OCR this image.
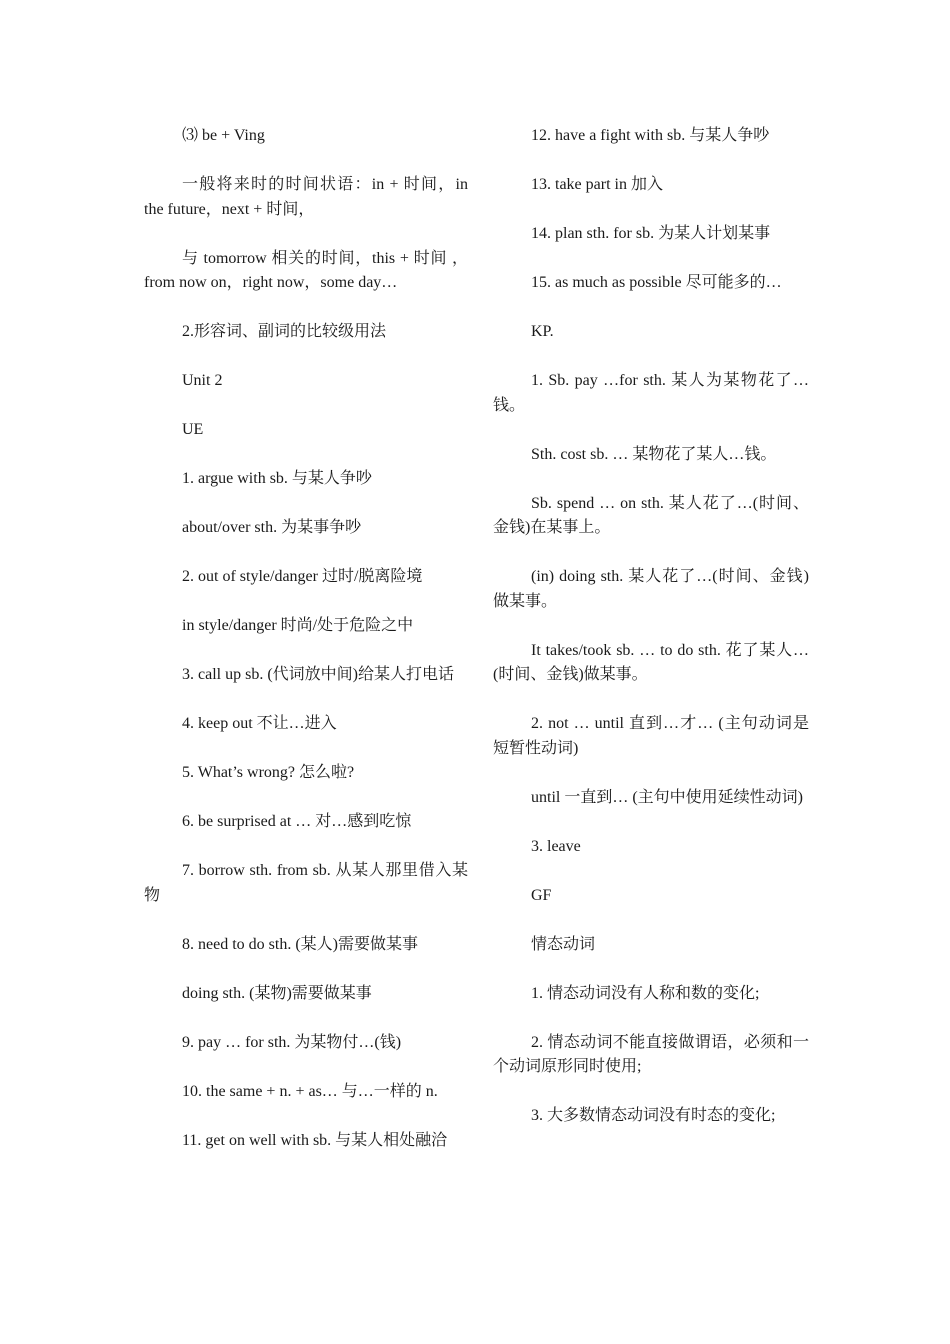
⑶ be + Ving

一般将来时的时间状语：in + 时间，in the future，next + 时间，

与 tomorrow 相关的时间，this + 时间 ，from now on，right now，some day…

2.形容词、副词的比较级用法

Unit 2

UE

1. argue with sb. 与某人争吵

about/over sth. 为某事争吵

2. out of style/danger 过时/脱离险境

in style/danger 时尚/处于危险之中

3. call up sb. (代词放中间)给某人打电话

4. keep out 不让…进入

5. What’s wrong? 怎么啦?

6. be surprised at … 对…感到吃惊

7. borrow sth. from sb. 从某人那里借入某物

8. need to do sth. (某人)需要做某事

doing sth. (某物)需要做某事

9. pay … for sth. 为某物付…(钱)

10. the same + n. + as… 与…一样的 n.

11. get on well with sb. 与某人相处融洽

12. have a fight with sb. 与某人争吵

13. take part in 加入

14. plan sth. for sb. 为某人计划某事

15. as much as possible 尽可能多的…

KP.

1. Sb. pay …for sth. 某人为某物花了…钱。

Sth. cost sb. … 某物花了某人…钱。

Sb. spend … on sth. 某人花了…(时间、金钱)在某事上。

(in) doing sth. 某人花了…(时间、金钱)做某事。

It takes/took sb. … to do sth. 花了某人…(时间、金钱)做某事。

2. not … until 直到…才… (主句动词是短暂性动词)

until 一直到… (主句中使用延续性动词)

3. leave

GF

情态动词

1. 情态动词没有人称和数的变化;

2. 情态动词不能直接做谓语，必须和一个动词原形同时使用;

3. 大多数情态动词没有时态的变化;
